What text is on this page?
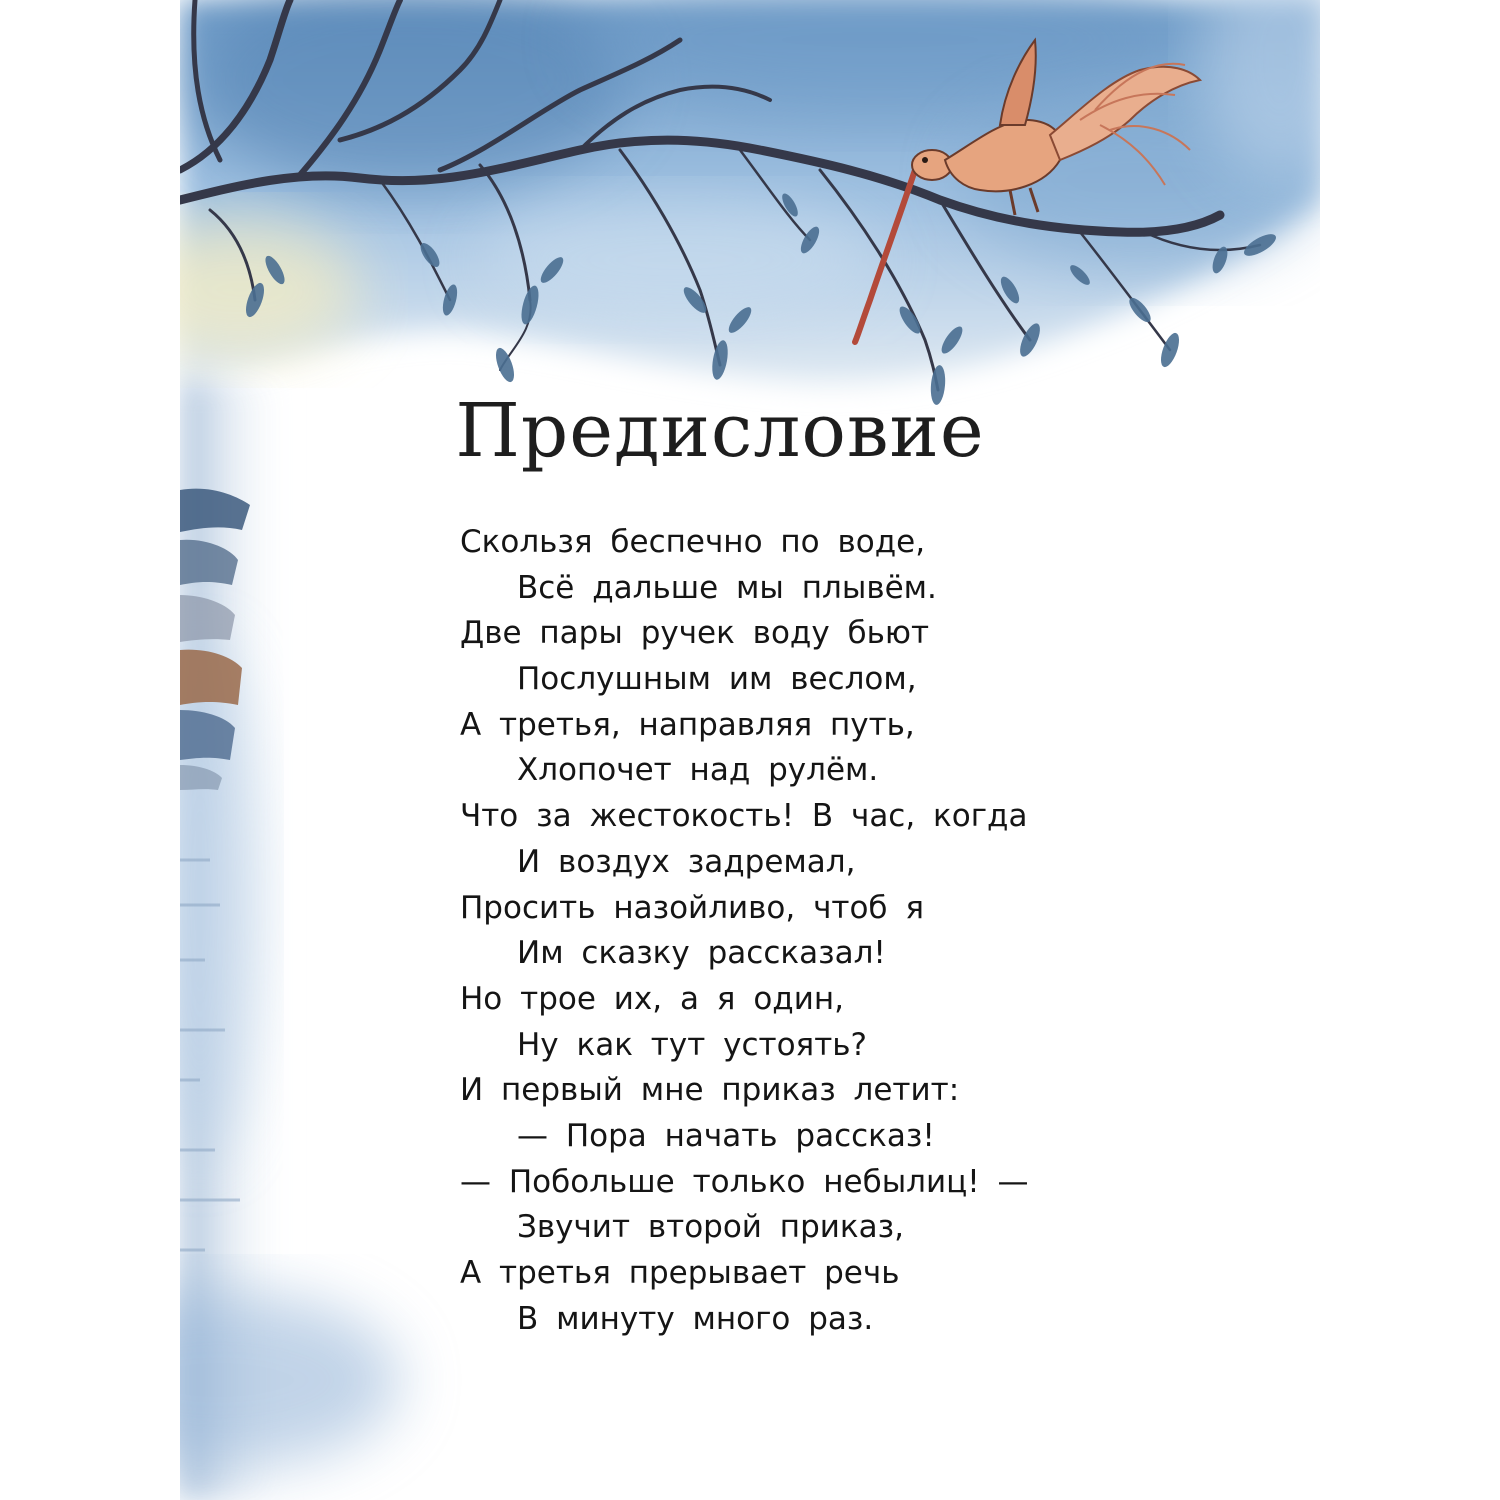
Предисловие
Скользя беспечно по воде,
Всё дальше мы плывём.
Две пары ручек воду бьют
Послушным им веслом,
А третья, направляя путь,
Хлопочет над рулём.
Что за жестокость! В час, когда
И воздух задремал,
Просить назойливо, чтоб я
Им сказку рассказал!
Но трое их, а я один,
Ну как тут устоять?
И первый мне приказ летит:
— Пора начать рассказ!
— Побольше только небылиц! —
Звучит второй приказ,
А третья прерывает речь
В минуту много раз.
